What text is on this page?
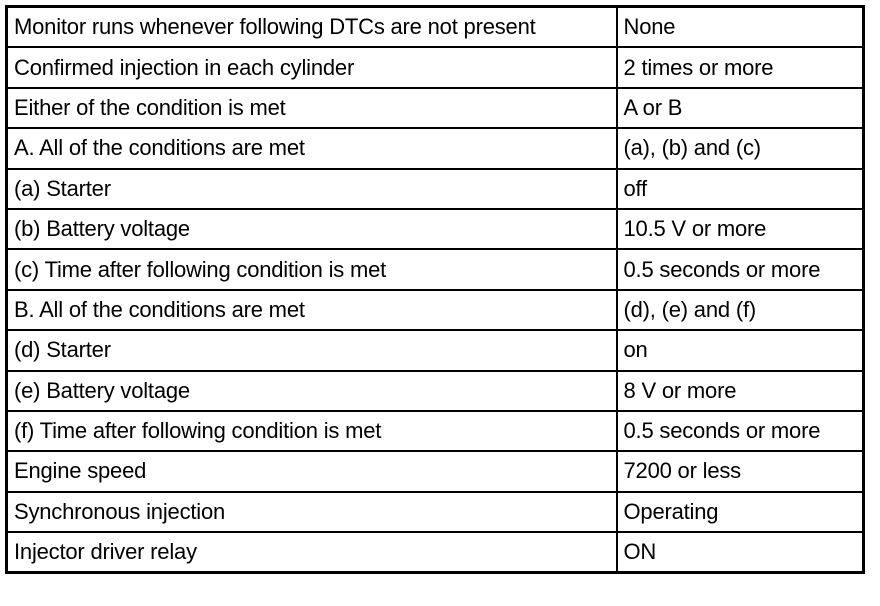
Monitor runs whenever following DTCs are not present	None
Confirmed injection in each cylinder	2 times or more
Either of the condition is met	A or B
A. All of the conditions are met	(a), (b) and (c)
(a) Starter	off
(b) Battery voltage	10.5 V or more
(c) Time after following condition is met	0.5 seconds or more
B. All of the conditions are met	(d), (e) and (f)
(d) Starter	on
(e) Battery voltage	8 V or more
(f) Time after following condition is met	0.5 seconds or more
Engine speed	7200 or less
Synchronous injection	Operating
Injector driver relay	ON
